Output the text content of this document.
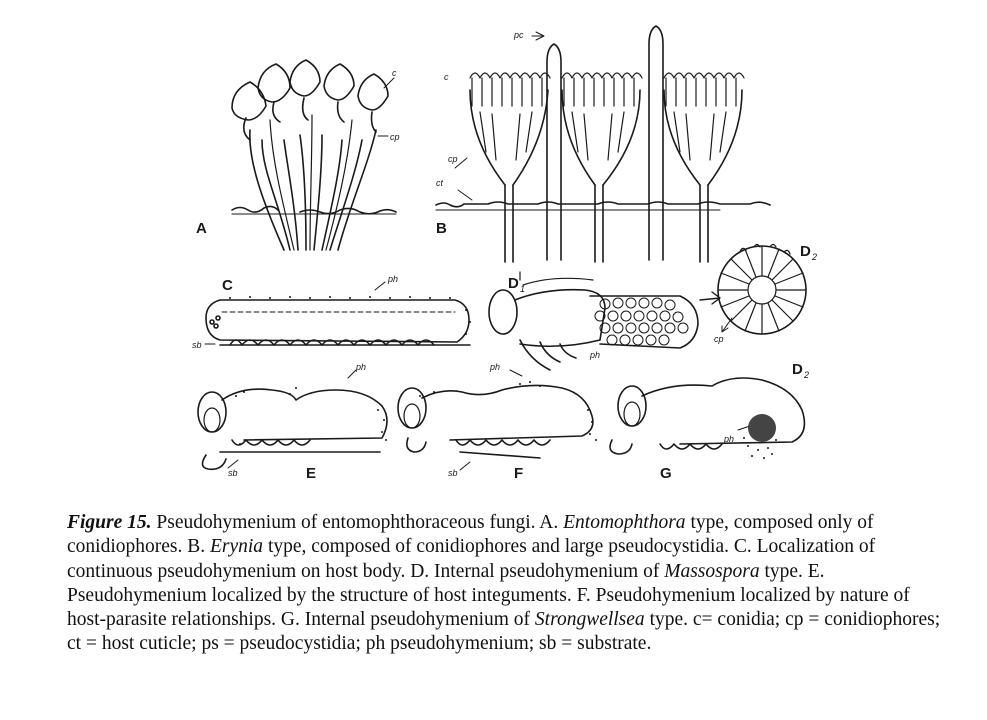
A	B
C	D 1
D 2
D 2
E	F	G
c
cp
pc
c
cp
ct
ph
sb
ph
cp
ph
sb
ph
sb
ph
Figure 15. Pseudohymenium of entomophthoraceous fungi. A. Entomophthora type, composed only of conidiophores. B. Erynia type, composed of conidiophores and large pseudocystidia. C. Localization of continuous pseudohymenium on host body. D. Internal pseudohymenium of Massospora type. E. Pseudohymenium localized by the structure of host integuments. F. Pseudohymenium localized by nature of host-parasite relationships. G. Internal pseudohymenium of Strongwellsea type. c= conidia; cp = conidiophores; ct = host cuticle; ps = pseudocystidia; ph pseudohymenium; sb = substrate.
